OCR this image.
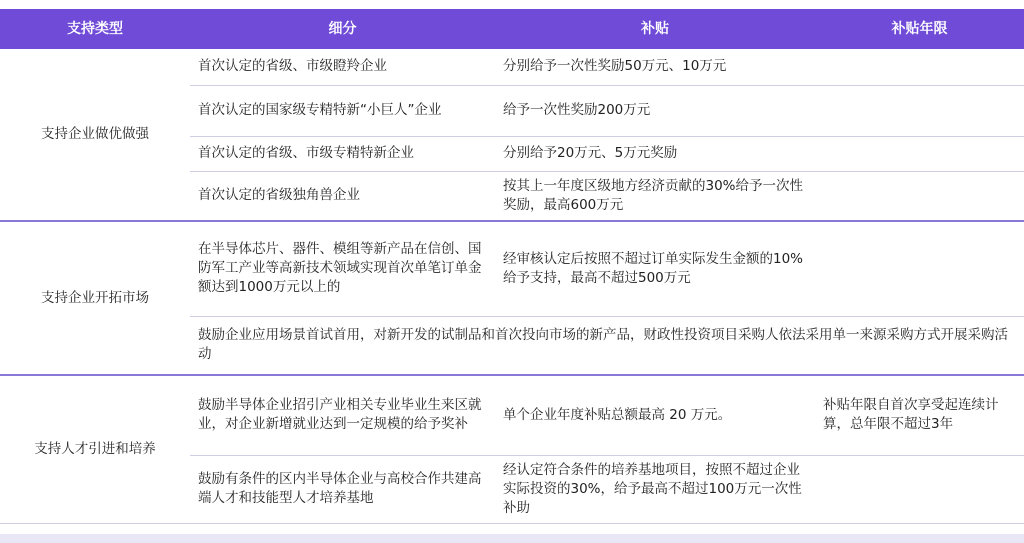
支持类型	细分	补贴	补贴年限
支持企业做优做强	首次认定的省级、市级瞪羚企业	分别给予一次性奖励50万元、10万元	
	首次认定的国家级专精特新“小巨人”企业	给予一次性奖励200万元	
	首次认定的省级、市级专精特新企业	分别给予20万元、5万元奖励	
	首次认定的省级独角兽企业	按其上一年度区级地方经济贡献的30%给予一次性奖励，最高600万元	
支持企业开拓市场	在半导体芯片、器件、模组等新产品在信创、国防军工产业等高新技术领域实现首次单笔订单金额达到1000万元以上的	经审核认定后按照不超过订单实际发生金额的10%给予支持，最高不超过500万元	
	鼓励企业应用场景首试首用，对新开发的试制品和首次投向市场的新产品，财政性投资项目采购人依法采用单一来源采购方式开展采购活动		
支持人才引进和培养	鼓励半导体企业招引产业相关专业毕业生来区就业，对企业新增就业达到一定规模的给予奖补	单个企业年度补贴总额最高 20 万元。	补贴年限自首次享受起连续计算，总年限不超过3年
	鼓励有条件的区内半导体企业与高校合作共建高端人才和技能型人才培养基地	经认定符合条件的培养基地项目，按照不超过企业实际投资的30%，给予最高不超过100万元一次性补助	
